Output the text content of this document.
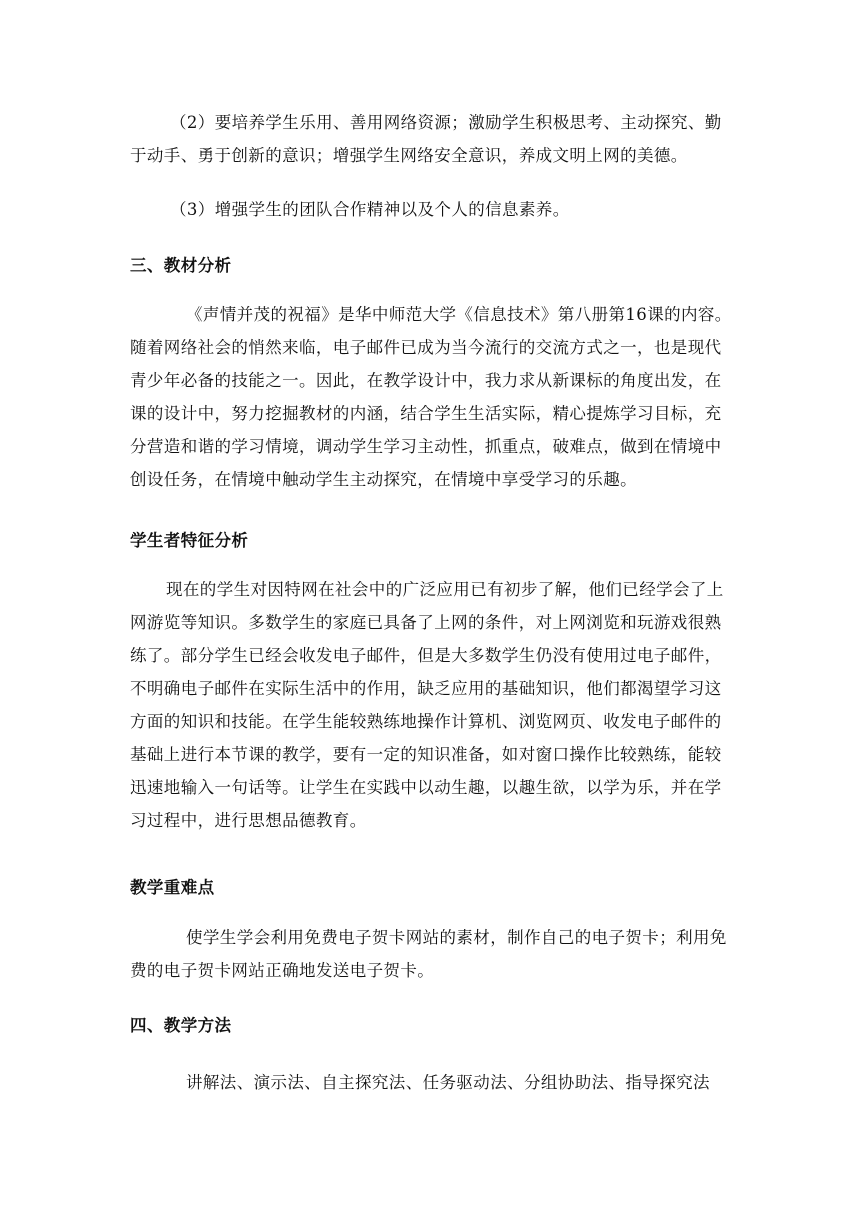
（2）要培养学生乐用、善用网络资源；激励学生积极思考、主动探究、勤
于动手、勇于创新的意识；增强学生网络安全意识，养成文明上网的美德。
（3）增强学生的团队合作精神以及个人的信息素养。
三、教材分析
《声情并茂的祝福》是华中师范大学《信息技术》第八册第16课的内容。
随着网络社会的悄然来临，电子邮件已成为当今流行的交流方式之一，也是现代
青少年必备的技能之一。因此，在教学设计中，我力求从新课标的角度出发，在
课的设计中，努力挖掘教材的内涵，结合学生生活实际，精心提炼学习目标，充
分营造和谐的学习情境，调动学生学习主动性，抓重点，破难点，做到在情境中
创设任务，在情境中触动学生主动探究，在情境中享受学习的乐趣。
学生者特征分析
现在的学生对因特网在社会中的广泛应用已有初步了解，他们已经学会了上
网游览等知识。多数学生的家庭已具备了上网的条件，对上网浏览和玩游戏很熟
练了。部分学生已经会收发电子邮件，但是大多数学生仍没有使用过电子邮件，
不明确电子邮件在实际生活中的作用，缺乏应用的基础知识，他们都渴望学习这
方面的知识和技能。在学生能较熟练地操作计算机、浏览网页、收发电子邮件的
基础上进行本节课的教学，要有一定的知识准备，如对窗口操作比较熟练，能较
迅速地输入一句话等。让学生在实践中以动生趣，以趣生欲，以学为乐，并在学
习过程中，进行思想品德教育。
教学重难点
使学生学会利用免费电子贺卡网站的素材，制作自己的电子贺卡；利用免
费的电子贺卡网站正确地发送电子贺卡。
四、教学方法
讲解法、演示法、自主探究法、任务驱动法、分组协助法、指导探究法
